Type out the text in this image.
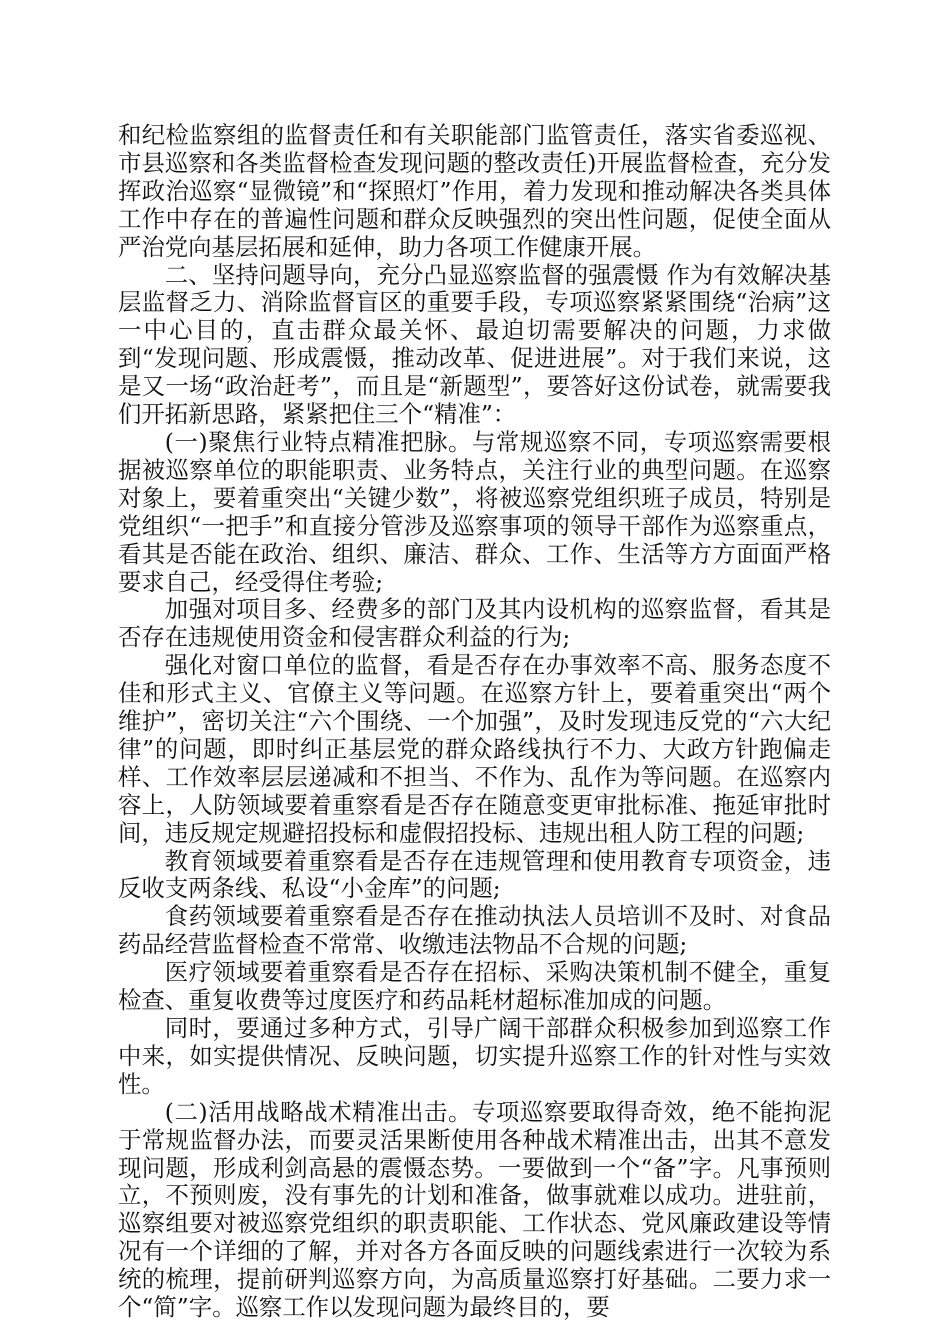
和纪检监察组的监督责任和有关职能部门监管责任，落实省委巡视、市县巡察和各类监督检查发现问题的整改责任)开展监督检查，充分发挥政治巡察“显微镜”和“探照灯”作用，着力发现和推动解决各类具体工作中存在的普遍性问题和群众反映强烈的突出性问题，促使全面从严治党向基层拓展和延伸，助力各项工作健康开展。

二、坚持问题导向，充分凸显巡察监督的强震慑 作为有效解决基层监督乏力、消除监督盲区的重要手段，专项巡察紧紧围绕“治病”这一中心目的，直击群众最关怀、最迫切需要解决的问题，力求做到“发现问题、形成震慑，推动改革、促进进展”。对于我们来说，这是又一场“政治赶考”，而且是“新题型”，要答好这份试卷，就需要我们开拓新思路，紧紧把住三个“精准”：

(一)聚焦行业特点精准把脉。与常规巡察不同，专项巡察需要根据被巡察单位的职能职责、业务特点，关注行业的典型问题。在巡察对象上，要着重突出“关键少数”，将被巡察党组织班子成员，特别是党组织“一把手”和直接分管涉及巡察事项的领导干部作为巡察重点，看其是否能在政治、组织、廉洁、群众、工作、生活等方方面面严格要求自己，经受得住考验;

加强对项目多、经费多的部门及其内设机构的巡察监督，看其是否存在违规使用资金和侵害群众利益的行为;

强化对窗口单位的监督，看是否存在办事效率不高、服务态度不佳和形式主义、官僚主义等问题。在巡察方针上，要着重突出“两个维护”，密切关注“六个围绕、一个加强”，及时发现违反党的“六大纪律”的问题，即时纠正基层党的群众路线执行不力、大政方针跑偏走样、工作效率层层递减和不担当、不作为、乱作为等问题。在巡察内容上，人防领域要着重察看是否存在随意变更审批标准、拖延审批时间，违反规定规避招投标和虚假招投标、违规出租人防工程的问题;

教育领域要着重察看是否存在违规管理和使用教育专项资金，违反收支两条线、私设“小金库”的问题;

食药领域要着重察看是否存在推动执法人员培训不及时、对食品药品经营监督检查不常常、收缴违法物品不合规的问题;

医疗领域要着重察看是否存在招标、采购决策机制不健全，重复检查、重复收费等过度医疗和药品耗材超标准加成的问题。

同时，要通过多种方式，引导广阔干部群众积极参加到巡察工作中来，如实提供情况、反映问题，切实提升巡察工作的针对性与实效性。

(二)活用战略战术精准出击。专项巡察要取得奇效，绝不能拘泥于常规监督办法，而要灵活果断使用各种战术精准出击，出其不意发现问题，形成利剑高悬的震慑态势。一要做到一个“备”字。凡事预则立，不预则废，没有事先的计划和准备，做事就难以成功。进驻前，巡察组要对被巡察党组织的职责职能、工作状态、党风廉政建设等情况有一个详细的了解，并对各方各面反映的问题线索进行一次较为系统的梳理，提前研判巡察方向，为高质量巡察打好基础。二要力求一个“简”字。巡察工作以发现问题为最终目的，要
